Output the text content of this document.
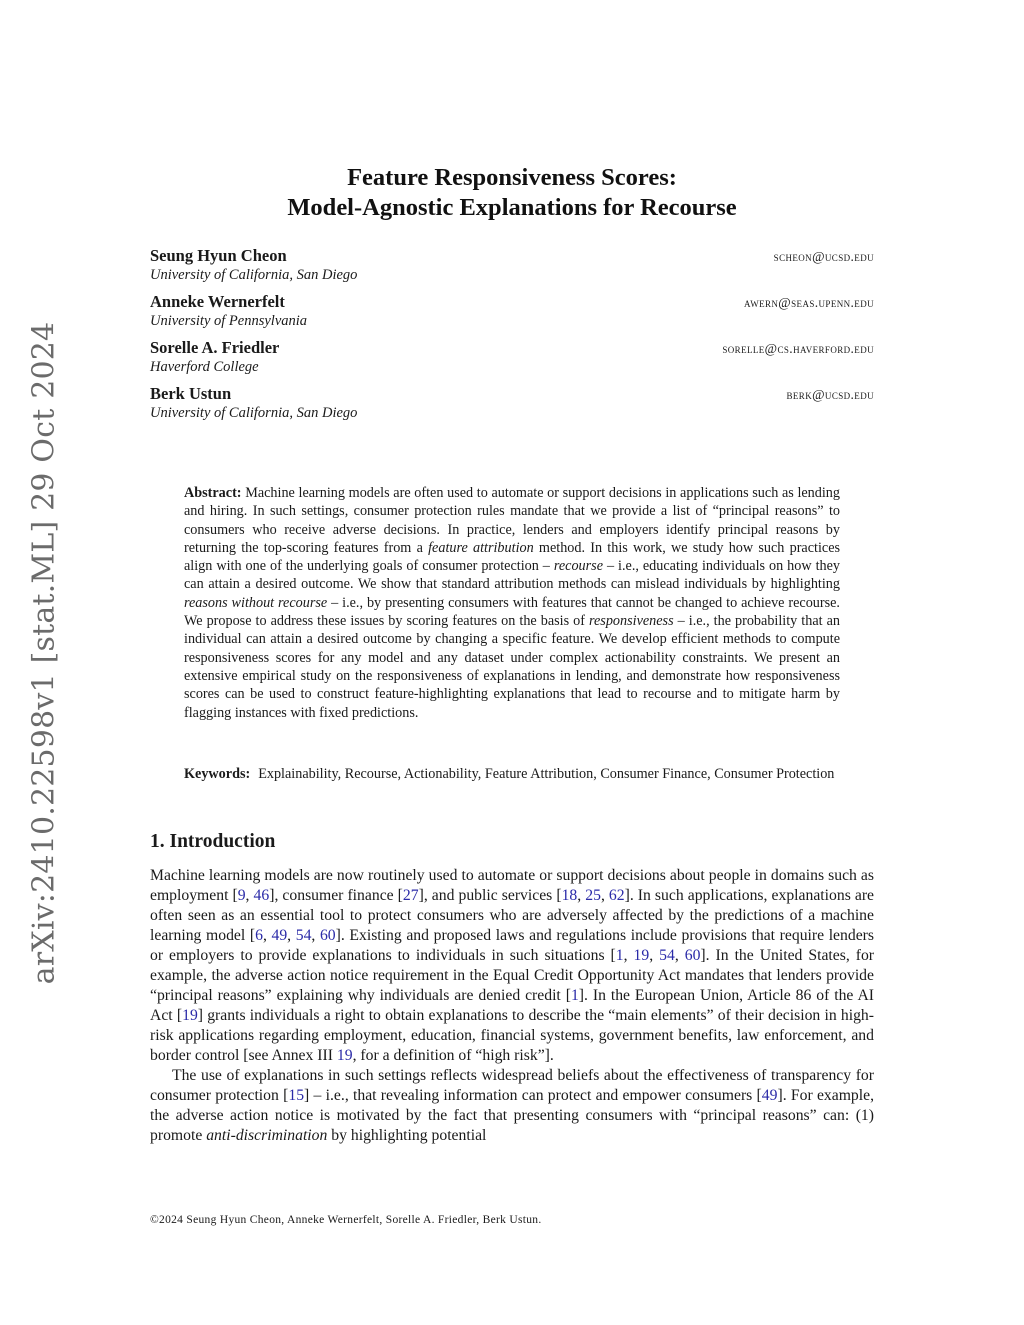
arXiv:2410.22598v1 [stat.ML] 29 Oct 2024
Feature Responsiveness Scores:
Model-Agnostic Explanations for Recourse
Seung Hyun Cheon	scheon@ucsd.edu
University of California, San Diego
Anneke Wernerfelt	awern@seas.upenn.edu
University of Pennsylvania
Sorelle A. Friedler	sorelle@cs.haverford.edu
Haverford College
Berk Ustun	berk@ucsd.edu
University of California, San Diego
Abstract: Machine learning models are often used to automate or support decisions in applications such as lending and hiring. In such settings, consumer protection rules mandate that we provide a list of “principal reasons” to consumers who receive adverse decisions. In practice, lenders and employers identify principal reasons by returning the top-scoring features from a feature attribution method. In this work, we study how such practices align with one of the underlying goals of consumer protection – recourse – i.e., educating individuals on how they can attain a desired outcome. We show that standard attribution methods can mislead individuals by highlighting reasons without recourse – i.e., by presenting consumers with features that cannot be changed to achieve recourse. We propose to address these issues by scoring features on the basis of responsiveness – i.e., the probability that an individual can attain a desired outcome by changing a specific feature. We develop efficient methods to compute responsiveness scores for any model and any dataset under complex actionability constraints. We present an extensive empirical study on the responsiveness of explanations in lending, and demonstrate how responsiveness scores can be used to construct feature-highlighting explanations that lead to recourse and to mitigate harm by flagging instances with fixed predictions.
Keywords: Explainability, Recourse, Actionability, Feature Attribution, Consumer Finance, Consumer Protection
1. Introduction

Machine learning models are now routinely used to automate or support decisions about people in domains such as employment [9, 46], consumer finance [27], and public services [18, 25, 62]. In such applications, explanations are often seen as an essential tool to protect consumers who are adversely affected by the predictions of a machine learning model [6, 49, 54, 60]. Existing and proposed laws and regulations include provisions that require lenders or employers to provide explanations to individuals in such situations [1, 19, 54, 60]. In the United States, for example, the adverse action notice requirement in the Equal Credit Opportunity Act mandates that lenders provide “principal reasons” explaining why individuals are denied credit [1]. In the European Union, Article 86 of the AI Act [19] grants individuals a right to obtain explanations to describe the “main elements” of their decision in high-risk applications regarding employment, education, financial systems, government benefits, law enforcement, and border control [see Annex III 19, for a definition of “high risk”].

The use of explanations in such settings reflects widespread beliefs about the effectiveness of transparency for consumer protection [15] – i.e., that revealing information can protect and empower consumers [49]. For example, the adverse action notice is motivated by the fact that presenting consumers with “principal reasons” can: (1) promote anti-discrimination by highlighting potential

©2024 Seung Hyun Cheon, Anneke Wernerfelt, Sorelle A. Friedler, Berk Ustun.
